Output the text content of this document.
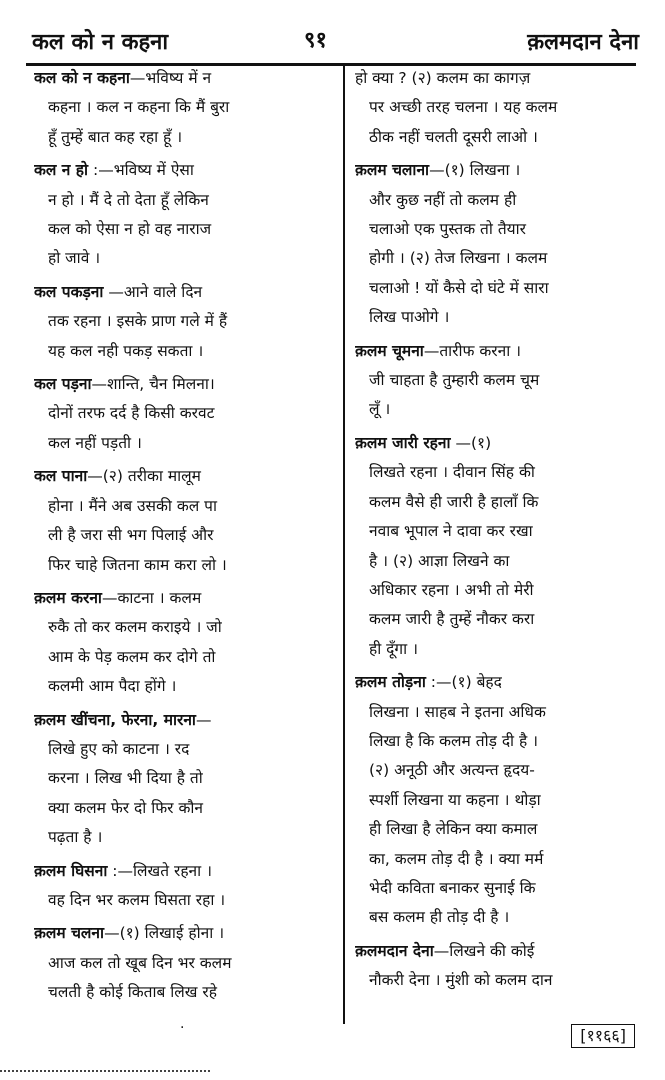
कल को न कहना	९१	क़लमदान देना
कल को न कहना—भविष्य में न
कहना । कल न कहना कि मैं बुरा
हूँ तुम्हें बात कह रहा हूँ ।
कल न हो :—भविष्य में ऐसा
न हो । मैं दे तो देता हूँ लेकिन
कल को ऐसा न हो वह नाराज
हो जावे ।
कल पकड़ना —आने वाले दिन
तक रहना । इसके प्राण गले में हैं
यह कल नही पकड़ सकता ।
कल पड़ना—शान्ति, चैन मिलना।
दोनों तरफ दर्द है किसी करवट
कल नहीं पड़ती ।
कल पाना—(२) तरीका मालूम
होना । मैंने अब उसकी कल पा
ली है जरा सी भग पिलाई और
फिर चाहे जितना काम करा लो ।
क़लम करना—काटना । कलम
रुकै तो कर कलम कराइये । जो
आम के पेड़ कलम कर दोगे तो
कलमी आम पैदा होंगे ।
क़लम खींचना, फेरना, मारना—
लिखे हुए को काटना । रद
करना । लिख भी दिया है तो
क्या कलम फेर दो फिर कौन
पढ़ता है ।
क़लम घिसना :—लिखते रहना ।
वह दिन भर कलम घिसता रहा ।
क़लम चलना—(१) लिखाई होना ।
आज कल तो खूब दिन भर कलम
चलती है कोई किताब लिख रहे
हो क्या ? (२) कलम का कागज़
पर अच्छी तरह चलना । यह कलम
ठीक नहीं चलती दूसरी लाओ ।
क़लम चलाना—(१) लिखना ।
और कुछ नहीं तो कलम ही
चलाओ एक पुस्तक तो तैयार
होगी । (२) तेज लिखना । कलम
चलाओ ! यों कैसे दो घंटे में सारा
लिख पाओगे ।
क़लम चूमना—तारीफ करना ।
जी चाहता है तुम्हारी कलम चूम
लूँ ।
क़लम जारी रहना —(१)
लिखते रहना । दीवान सिंह की
कलम वैसे ही जारी है हालाँ कि
नवाब भूपाल ने दावा कर रखा
है । (२) आज्ञा लिखने का
अधिकार रहना । अभी तो मेरी
कलम जारी है तुम्हें नौकर करा
ही दूँगा ।
क़लम तोड़ना :—(१) बेहद
लिखना । साहब ने इतना अधिक
लिखा है कि कलम तोड़ दी है ।
(२) अनूठी और अत्यन्त हृदय-
स्पर्शी लिखना या कहना । थोड़ा
ही लिखा है लेकिन क्या कमाल
का, कलम तोड़ दी है । क्या मर्म
भेदी कविता बनाकर सुनाई कि
बस कलम ही तोड़ दी है ।
क़लमदान देना—लिखने की कोई
नौकरी देना । मुंशी को कलम दान
·	[११६६]
